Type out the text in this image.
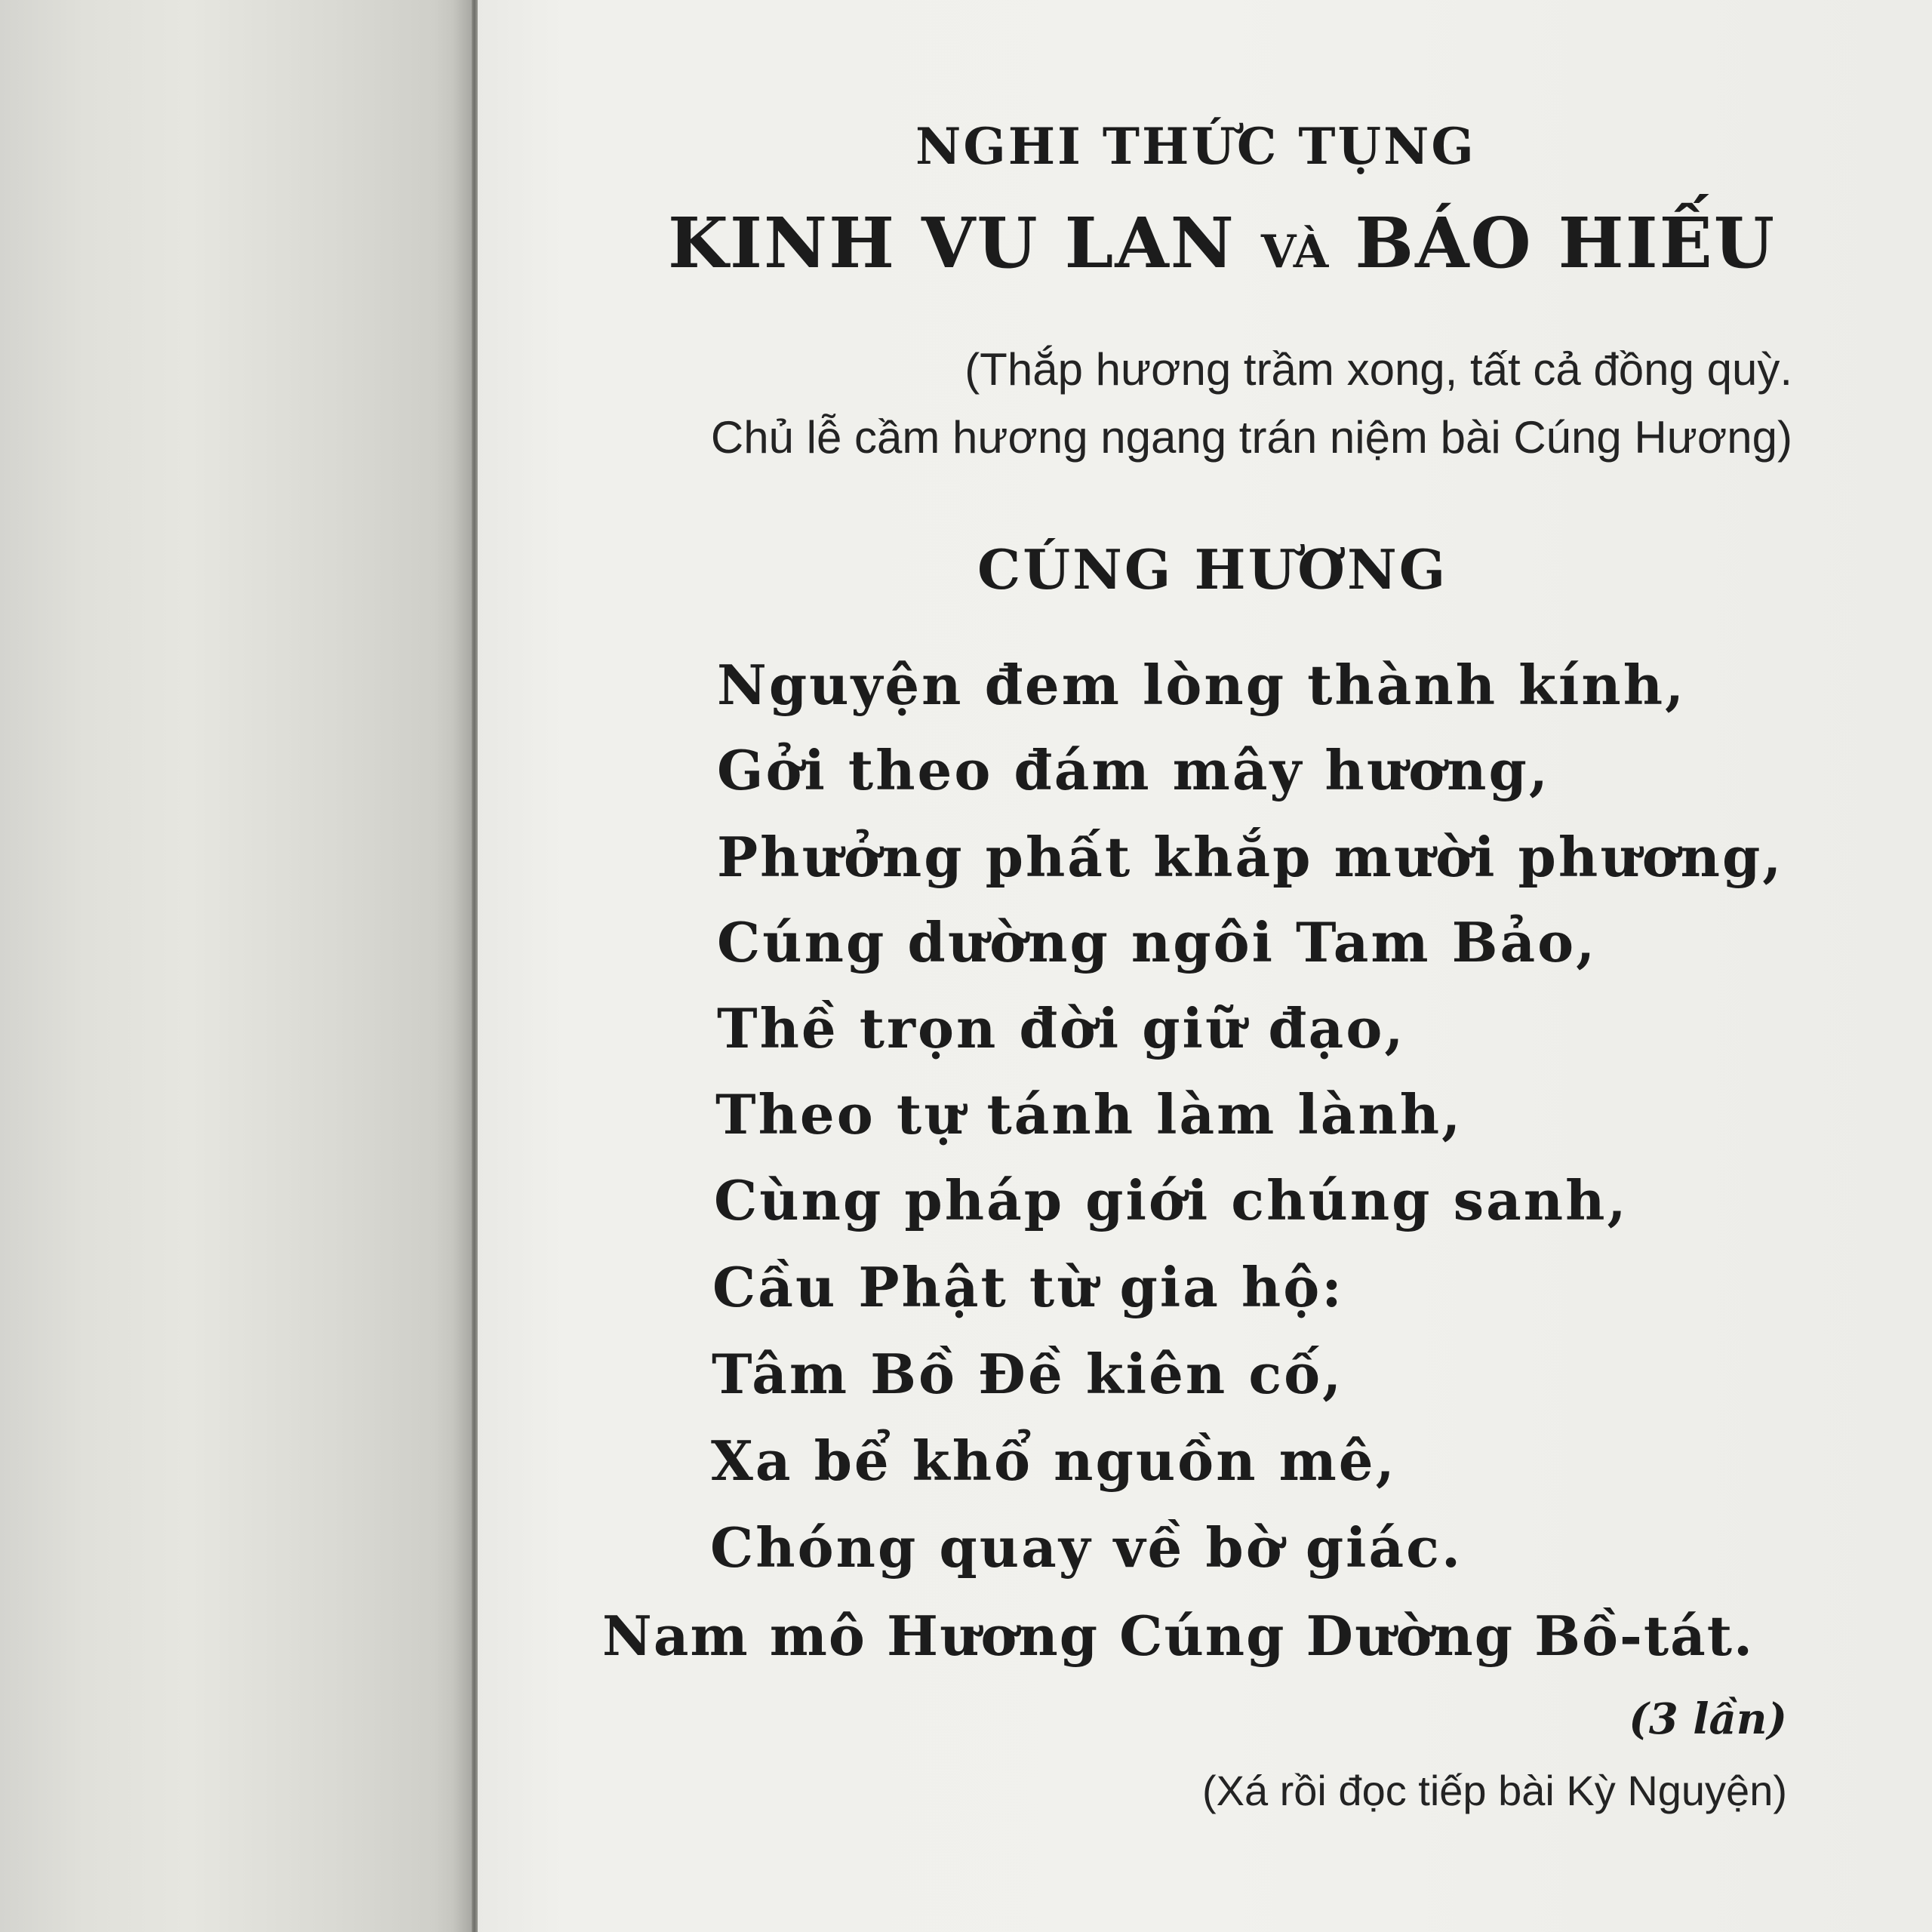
NGHI THỨC TỤNG
KINH VU LAN VÀ BÁO HIẾU
(Thắp hương trầm xong, tất cả đồng quỳ.
Chủ lễ cầm hương ngang trán niệm bài Cúng Hương)
CÚNG HƯƠNG
Nguyện đem lòng thành kính,
Gởi theo đám mây hương,
Phưởng phất khắp mười phương,
Cúng dường ngôi Tam Bảo,
Thề trọn đời giữ đạo,
Theo tự tánh làm lành,
Cùng pháp giới chúng sanh,
Cầu Phật từ gia hộ:
Tâm Bồ Đề kiên cố,
Xa bể khổ nguồn mê,
Chóng quay về bờ giác.
Nam mô Hương Cúng Dường Bồ-tát.
(3 lần)
(Xá rồi đọc tiếp bài Kỳ Nguyện)
